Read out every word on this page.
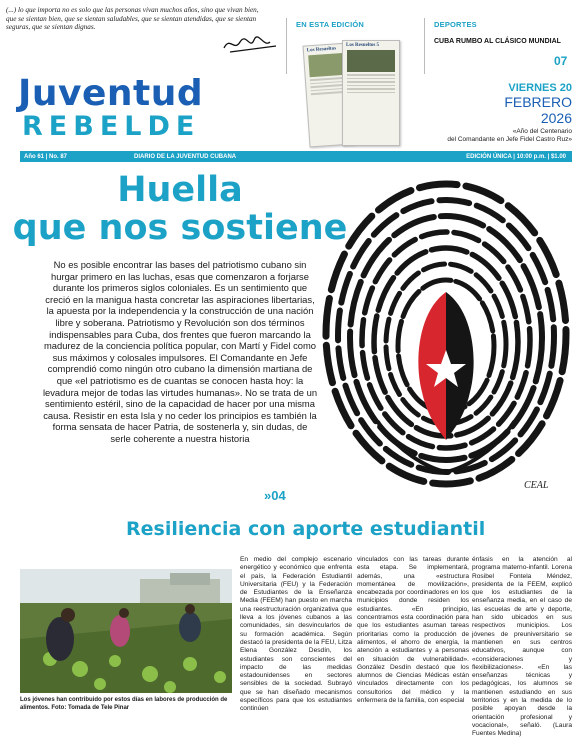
(...) lo que importa no es solo que las personas vivan muchos años, sino que vivan bien, que se sientan bien, que se sientan saludables, que se sientan atendidas, que se sientan seguras, que se sientan dignas.	EN ESTA EDICIÓN
Los Resueltos
Los Resueltos 5
DEPORTES
CUBA RUMBO AL CLÁSICO MUNDIAL
07
Juventud
REBELDE
VIERNES 20
FEBRERO
2026
«Año del Centenario
del Comandante en Jefe Fidel Castro Ruz»
Año 61 | No. 87	DIARIO DE LA JUVENTUD CUBANA	EDICIÓN ÚNICA | 10:00 p.m. | $1.00
Huella
que nos sostiene
No es posible encontrar las bases del patriotismo cubano sin hurgar primero en las luchas, esas que comenzaron a forjarse durante los primeros siglos coloniales. Es un sentimiento que creció en la manigua hasta concretar las aspiraciones libertarias, la apuesta por la independencia y la construcción de una nación libre y soberana. Patriotismo y Revolución son dos términos indispensables para Cuba, dos frentes que fueron marcando la madurez de la conciencia política popular, con Martí y Fidel como sus máximos y colosales impulsores. El Comandante en Jefe comprendió como ningún otro cubano la dimensión martiana de que «el patriotismo es de cuantas se conocen hasta hoy: la levadura mejor de todas las virtudes humanas». No se trata de un sentimiento estéril, sino de la capacidad de hacer por una misma causa. Resistir en esta Isla y no ceder los principios es también la forma sensata de hacer Patria, de sostenerla y, sin dudas, de serle coherente a nuestra historia
»04
CEAL
Resiliencia con aporte estudiantil
Los jóvenes han contribuido por estos días en labores de producción de alimentos. Foto: Tomada de Tele Pinar
En medio del complejo escenario energético y económico que enfrenta el país, la Federación Estudiantil Universitaria (FEU) y la Federación de Estudiantes de la Enseñanza Media (FEEM) han puesto en marcha una reestructuración organizativa que lleva a los jóvenes cubanos a las comunidades, sin desvincularlos de su formación académica. Según destacó la presidenta de la FEU, Litza Elena González Desdín, los estudiantes son conscientes del impacto de las medidas estadounidenses en sectores sensibles de la sociedad. Subrayó que se han diseñado mecanismos específicos para que los estudiantes continúen
vinculados con las tareas durante esta etapa. Se implementará, además, una «estructura momentánea de movilización», encabezada por coordinadores en los municipios donde residen los estudiantes. «En principio, concentramos esta coordinación para que los estudiantes asuman tareas prioritarias como la producción de alimentos, el ahorro de energía, la atención a estudiantes y a personas en situación de vulnerabilidad». González Desdín destacó que los alumnos de Ciencias Médicas están vinculados directamente con los consultorios del médico y la enfermera de la familia, con especial
énfasis en la atención al programa materno-infantil. Lorena Rosibel Fontela Méndez, presidenta de la FEEM, explicó que los estudiantes de la enseñanza media, en el caso de las escuelas de arte y deporte, han sido ubicados en sus respectivos municipios. Los jóvenes de preuniversitario se mantienen en sus centros educativos, aunque con «consideraciones y flexibilizaciones». «En las enseñanzas técnicas y pedagógicas, los alumnos se mantienen estudiando en sus territorios y en la medida de lo posible apoyan desde la orientación profesional y vocacional», señaló. (Laura Fuentes Medina)
